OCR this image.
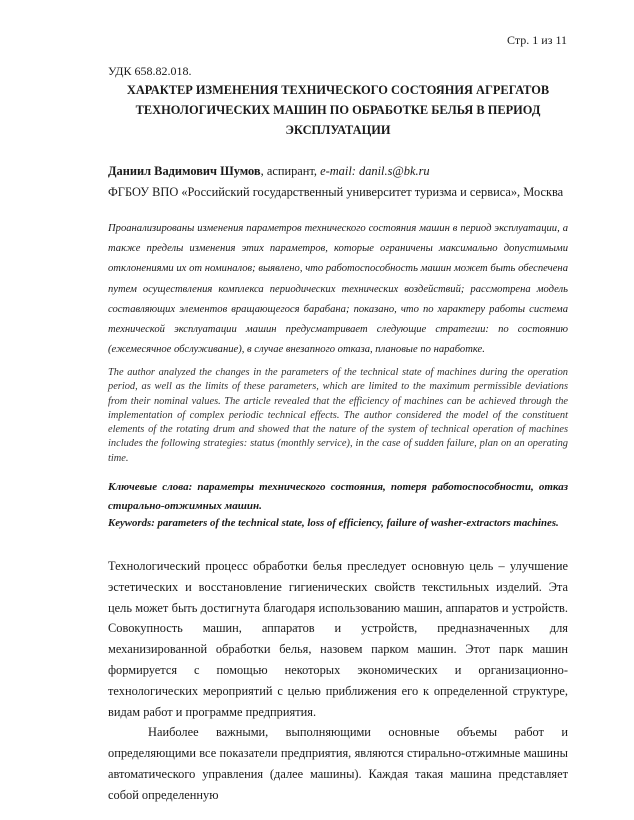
Стр. 1 из 11
УДК 658.82.018.
ХАРАКТЕР ИЗМЕНЕНИЯ ТЕХНИЧЕСКОГО СОСТОЯНИЯ АГРЕГАТОВ ТЕХНОЛОГИЧЕСКИХ МАШИН ПО ОБРАБОТКЕ БЕЛЬЯ В ПЕРИОД ЭКСПЛУАТАЦИИ
Даниил Вадимович Шумов, аспирант, e-mail: danil.s@bk.ru
ФГБОУ ВПО «Российский государственный университет туризма и сервиса», Москва
Проанализированы изменения параметров технического состояния машин в период эксплуатации, а также пределы изменения этих параметров, которые ограничены максимально допустимыми отклонениями их от номиналов; выявлено, что работоспособность машин может быть обеспечена путем осуществления комплекса периодических технических воздействий; рассмотрена модель составляющих элементов вращающегося барабана; показано, что по характеру работы система технической эксплуатации машин предусматривает следующие стратегии: по состоянию (ежемесячное обслуживание), в случае внезапного отказа, плановые по наработке.
The author analyzed the changes in the parameters of the technical state of machines during the operation period, as well as the limits of these parameters, which are limited to the maximum permissible deviations from their nominal values. The article revealed that the efficiency of machines can be achieved through the implementation of complex periodic technical effects. The author considered the model of the constituent elements of the rotating drum and showed that the nature of the system of technical operation of machines includes the following strategies: status (monthly service), in the case of sudden failure, plan on an operating time.
Ключевые слова: параметры технического состояния, потеря работоспособности, отказ стирально-отжимных машин.
Keywords: parameters of the technical state, loss of efficiency, failure of washer-extractors machines.

Технологический процесс обработки белья преследует основную цель – улучшение эстетических и восстановление гигиенических свойств текстильных изделий. Эта цель может быть достигнута благодаря использованию машин, аппаратов и устройств. Совокупность машин, аппаратов и устройств, предназначенных для механизированной обработки белья, назовем парком машин. Этот парк машин формируется с помощью некоторых экономических и организационно-технологических мероприятий с целью приближения его к определенной структуре, видам работ и программе предприятия.

Наиболее важными, выполняющими основные объемы работ и определяющими все показатели предприятия, являются стирально-отжимные машины автоматического управления (далее машины). Каждая такая машина представляет собой определенную
